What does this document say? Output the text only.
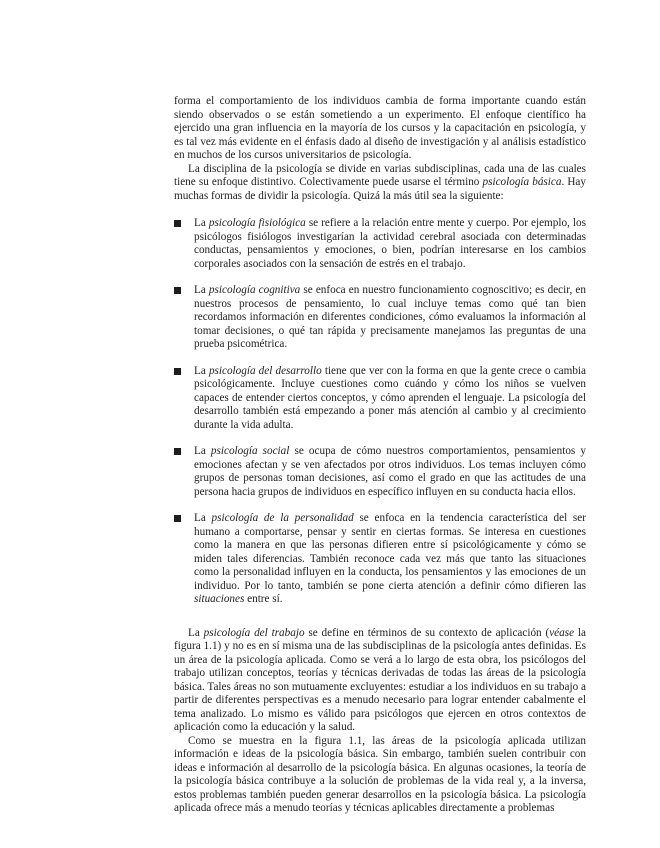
forma el comportamiento de los individuos cambia de forma importante cuando están siendo observados o se están sometiendo a un experimento. El enfoque científico ha ejercido una gran influencia en la mayoría de los cursos y la capacitación en psicología, y es tal vez más evidente en el énfasis dado al diseño de investigación y al análisis estadístico en muchos de los cursos universitarios de psicología.

La disciplina de la psicología se divide en varias subdisciplinas, cada una de las cuales tiene su enfoque distintivo. Colectivamente puede usarse el término psicología básica. Hay muchas formas de dividir la psicología. Quizá la más útil sea la siguiente:

La psicología fisiológica se refiere a la relación entre mente y cuerpo. Por ejemplo, los psicólogos fisiólogos investigarían la actividad cerebral asociada con determinadas conductas, pensamientos y emociones, o bien, podrían interesarse en los cambios corporales asociados con la sensación de estrés en el trabajo.
La psicología cognitiva se enfoca en nuestro funcionamiento cognoscitivo; es decir, en nuestros procesos de pensamiento, lo cual incluye temas como qué tan bien recordamos información en diferentes condiciones, cómo evaluamos la información al tomar decisiones, o qué tan rápida y precisamente manejamos las preguntas de una prueba psicométrica.
La psicología del desarrollo tiene que ver con la forma en que la gente crece o cambia psicológicamente. Incluye cuestiones como cuándo y cómo los niños se vuelven capaces de entender ciertos conceptos, y cómo aprenden el lenguaje. La psicología del desarrollo también está empezando a poner más atención al cambio y al crecimiento durante la vida adulta.
La psicología social se ocupa de cómo nuestros comportamientos, pensamientos y emociones afectan y se ven afectados por otros individuos. Los temas incluyen cómo grupos de personas toman decisiones, así como el grado en que las actitudes de una persona hacia grupos de individuos en específico influyen en su conducta hacia ellos.
La psicología de la personalidad se enfoca en la tendencia característica del ser humano a comportarse, pensar y sentir en ciertas formas. Se interesa en cuestiones como la manera en que las personas difieren entre sí psicológicamente y cómo se miden tales diferencias. También reconoce cada vez más que tanto las situaciones como la personalidad influyen en la conducta, los pensamientos y las emociones de un individuo. Por lo tanto, también se pone cierta atención a definir cómo difieren las situaciones entre sí.

La psicología del trabajo se define en términos de su contexto de aplicación (véase la figura 1.1) y no es en sí misma una de las subdisciplinas de la psicología antes definidas. Es un área de la psicología aplicada. Como se verá a lo largo de esta obra, los psicólogos del trabajo utilizan conceptos, teorías y técnicas derivadas de todas las áreas de la psicología básica. Tales áreas no son mutuamente excluyentes: estudiar a los individuos en su trabajo a partir de diferentes perspectivas es a menudo necesario para lograr entender cabalmente el tema analizado. Lo mismo es válido para psicólogos que ejercen en otros contextos de aplicación como la educación y la salud.

Como se muestra en la figura 1.1, las áreas de la psicología aplicada utilizan información e ideas de la psicología básica. Sin embargo, también suelen contribuir con ideas e información al desarrollo de la psicología básica. En algunas ocasiones, la teoría de la psicología básica contribuye a la solución de problemas de la vida real y, a la inversa, estos problemas también pueden generar desarrollos en la psicología básica. La psicología aplicada ofrece más a menudo teorías y técnicas aplicables directamente a problemas
